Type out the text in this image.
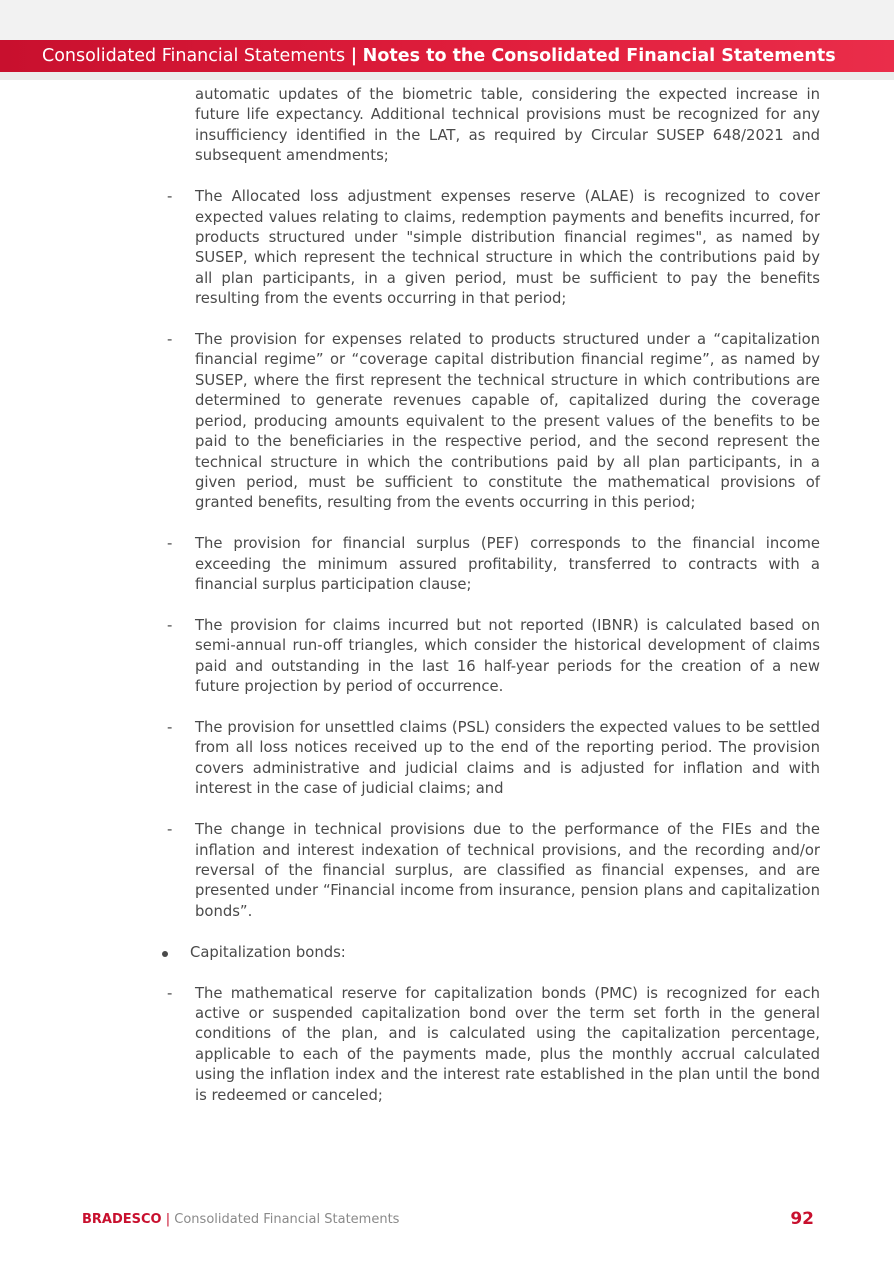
Consolidated Financial Statements | Notes to the Consolidated Financial Statements

automatic updates of the biometric table, considering the expected increase in future life expectancy. Additional technical provisions must be recognized for any insufficiency identified in the LAT, as required by Circular SUSEP 648/2021 and subsequent amendments;

- The Allocated loss adjustment expenses reserve (ALAE) is recognized to cover expected values relating to claims, redemption payments and benefits incurred, for products structured under "simple distribution financial regimes", as named by SUSEP, which represent the technical structure in which the contributions paid by all plan participants, in a given period, must be sufficient to pay the benefits resulting from the events occurring in that period;

- The provision for expenses related to products structured under a “capitalization financial regime” or “coverage capital distribution financial regime”, as named by SUSEP, where the first represent the technical structure in which contributions are determined to generate revenues capable of, capitalized during the coverage period, producing amounts equivalent to the present values of the benefits to be paid to the beneficiaries in the respective period, and the second represent the technical structure in which the contributions paid by all plan participants, in a given period, must be sufficient to constitute the mathematical provisions of granted benefits, resulting from the events occurring in this period;

- The provision for financial surplus (PEF) corresponds to the financial income exceeding the minimum assured profitability, transferred to contracts with a financial surplus participation clause;

- The provision for claims incurred but not reported (IBNR) is calculated based on semi-annual run-off triangles, which consider the historical development of claims paid and outstanding in the last 16 half-year periods for the creation of a new future projection by period of occurrence.

- The provision for unsettled claims (PSL) considers the expected values to be settled from all loss notices received up to the end of the reporting period. The provision covers administrative and judicial claims and is adjusted for inflation and with interest in the case of judicial claims; and

- The change in technical provisions due to the performance of the FIEs and the inflation and interest indexation of technical provisions, and the recording and/or reversal of the financial surplus, are classified as financial expenses, and are presented under “Financial income from insurance, pension plans and capitalization bonds”.

Capitalization bonds:
- The mathematical reserve for capitalization bonds (PMC) is recognized for each active or suspended capitalization bond over the term set forth in the general conditions of the plan, and is calculated using the capitalization percentage, applicable to each of the payments made, plus the monthly accrual calculated using the inflation index and the interest rate established in the plan until the bond is redeemed or canceled;

BRADESCO | Consolidated Financial Statements	92
